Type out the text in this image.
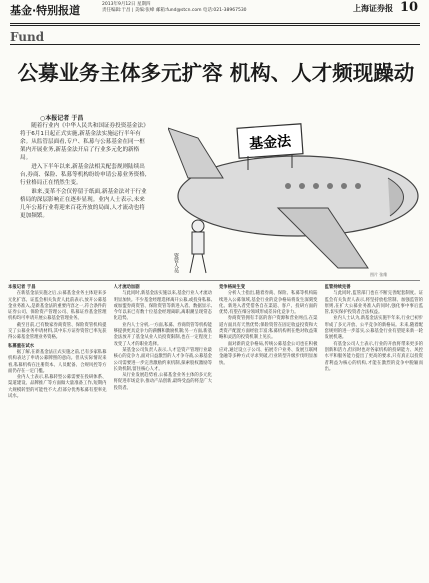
基金·特别报道	2013年9月12日 星期四
责任编辑:于昌 | 美编:张峰 邮箱:fund@stcn.com 电话:021-38967530	上海证券报 10
Fund
公募业务主体多元扩容 机构、人才频现躁动
○本报记者 于昌

随着行业内《中华人民共和国证券投资基金法》将于6月1日起正式实施,新基金法实施运行半年有余。从监管层面看,专户、私募与公募基金在同一框架内开展业务,新基金法开启了行业多元化的新格局。

进入下半年以来,新基金法相关配套规则陆续出台,券商、保险、私募等机构纷纷申请公募业务资格,行业格局正在悄然生变。

谁来,变革不会仅停留于纸面,新基金法对于行业格局的深层影响正在逐步显现。业内人士表示,未来几年公募行业将迎来百花齐放的局面,人才流动也将更加频繁。

基金法
资管人员
图片 张维

本报记者 于昌

在新基金法实施之后,公募基金业务主体迎来多元化扩容。证监会相关负责人此前表示,放开公募基金业务准入,是新基金法的重要内容之一,符合条件的证券公司、保险资产管理公司、私募证券基金管理机构均可申请开展公募基金管理业务。

截至目前,已有数家券商资管、保险资管机构提交了公募业务申请材料,其中东方证券资管已率先获得公募基金管理业务资格。

私募重在试水

据了解,在新基金法正式实施之前,已有多家私募机构表达了申请公募牌照的意向。但从实际情况来看,私募机构在注册资本、人员配备、合规风控等方面仍存在一定门槛。

业内人士表示,私募转型公募需要在投研体系、渠道建设、品牌推广等方面做大量准备工作,短期内大规模转型的可能性不大,但部分优秀私募有望率先试水。

人才流动加剧

与此同时,新基金法实施以来,基金行业人才流动明显加快。不少基金经理选择离开公募,或投身私募,或加盟券商资管、保险资管等新进入者。数据显示,今年以来已有数十位基金经理离职,离职潮呈现常态化趋势。

业内人士分析,一方面,私募、券商资管等机构能够提供更具竞争力的薪酬和激励机制;另一方面,新基金法放开了基金从业人员投资限制,也在一定程度上改变了人才的职业选择。

某基金公司负责人表示,人才是资产管理行业最核心的竞争力,面对日益激烈的人才争夺战,公募基金公司需要进一步完善激励约束机制,探索股权激励等长效机制,留住核心人才。

从行业发展趋势看,公募基金业务主体的多元化将促进市场竞争,推动产品创新,最终受益的将是广大投资者。

竞争格局生变

分析人士指出,随着券商、保险、私募等机构陆续进入公募领域,基金行业的竞争格局将发生深刻变化。新进入者凭借各自在渠道、客户、投研方面的优势,有望在细分领域形成差异化竞争力。

券商资管拥有丰富的客户资源和营业网点,在渠道方面具有天然优势;保险资管在固定收益投资和大类资产配置方面经验丰富;私募机构则在绝对收益策略和灵活的投资机制上见长。

面对新的竞争格局,传统公募基金公司也在积极应对,通过设立子公司、拓展专户业务、发展互联网金融等多种方式寻求突破,行业转型升级步伐明显加快。

监管持续完善

与此同时,监管部门也在不断完善配套制度。证监会有关负责人表示,将坚持放松管制、加强监管的原则,在扩大公募业务准入的同时,强化事中事后监管,切实保护投资者合法权益。

业内人士认为,新基金法实施半年来,行业已初步形成了多元开放、公平竞争的新格局。未来,随着配套规则的进一步落实,公募基金行业有望迎来新一轮发展机遇。

有基金公司人士表示,行业的开放将带来更多的创新和活力,但同时也对各家机构的投研能力、风控水平和服务能力提出了更高的要求,只有真正以投资者利益为核心的机构,才能在激烈的竞争中脱颖而出。
